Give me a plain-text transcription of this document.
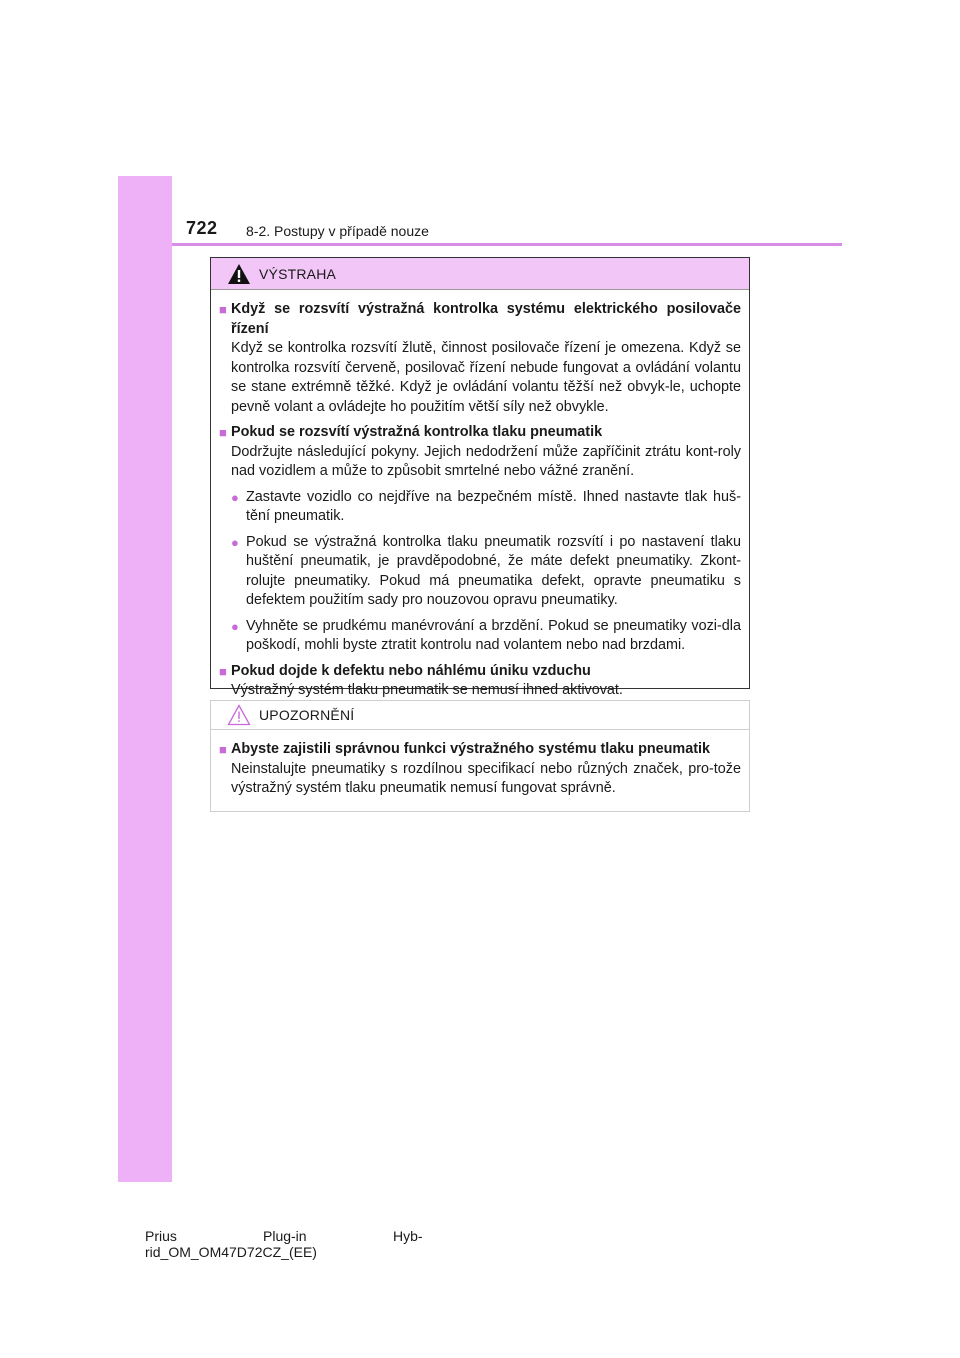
722 8-2. Postupy v případě nouze
VÝSTRAHA
■ Když se rozsvítí výstražná kontrolka systému elektrického posilovače řízení
Když se kontrolka rozsvítí žlutě, činnost posilovače řízení je omezena. Když se kontrolka rozsvítí červeně, posilovač řízení nebude fungovat a ovládání volantu se stane extrémně těžké. Když je ovládání volantu těžší než obvyk-le, uchopte pevně volant a ovládejte ho použitím větší síly než obvykle.
■ Pokud se rozsvítí výstražná kontrolka tlaku pneumatik
Dodržujte následující pokyny. Jejich nedodržení může zapříčinit ztrátu kont-roly nad vozidlem a může to způsobit smrtelné nebo vážné zranění.
● Zastavte vozidlo co nejdříve na bezpečném místě. Ihned nastavte tlak huš-tění pneumatik.
● Pokud se výstražná kontrolka tlaku pneumatik rozsvítí i po nastavení tlaku huštění pneumatik, je pravděpodobné, že máte defekt pneumatiky. Zkont-rolujte pneumatiky. Pokud má pneumatika defekt, opravte pneumatiku s defektem použitím sady pro nouzovou opravu pneumatiky.
● Vyhněte se prudkému manévrování a brzdění. Pokud se pneumatiky vozi-dla poškodí, mohli byste ztratit kontrolu nad volantem nebo nad brzdami.
■ Pokud dojde k defektu nebo náhlému úniku vzduchu
Výstražný systém tlaku pneumatik se nemusí ihned aktivovat.
UPOZORNĚNÍ
■ Abyste zajistili správnou funkci výstražného systému tlaku pneumatik
Neinstalujte pneumatiky s rozdílnou specifikací nebo různých značek, pro-tože výstražný systém tlaku pneumatik nemusí fungovat správně.
Prius	Plug-in	Hyb-
rid_OM_OM47D72CZ_(EE)
